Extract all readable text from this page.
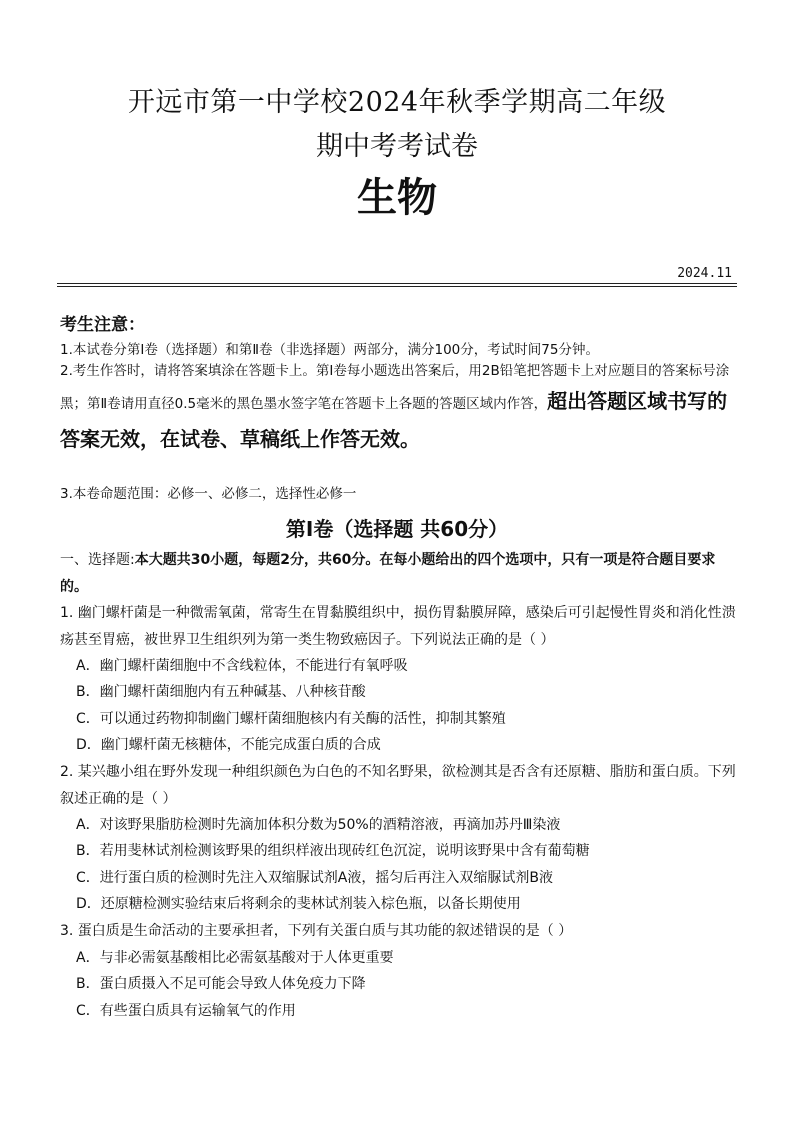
开远市第一中学校2024年秋季学期高二年级
期中考考试卷
生物
2024.11
考生注意：
1.本试卷分第Ⅰ卷（选择题）和第Ⅱ卷（非选择题）两部分，满分100分，考试时间75分钟。
2.考生作答时，请将答案填涂在答题卡上。第Ⅰ卷每小题选出答案后，用2B铅笔把答题卡上对应题目的答案标号涂黑；第Ⅱ卷请用直径0.5毫米的黑色墨水签字笔在答题卡上各题的答题区域内作答，超出答题区域书写的答案无效，在试卷、草稿纸上作答无效。
3.本卷命题范围：必修一、必修二，选择性必修一
第Ⅰ卷（选择题 共60分）
一、选择题:本大题共30小题，每题2分，共60分。在每小题给出的四个选项中，只有一项是符合题目要求的。
1. 幽门螺杆菌是一种微需氧菌，常寄生在胃黏膜组织中，损伤胃黏膜屏障，感染后可引起慢性胃炎和消化性溃疡甚至胃癌，被世界卫生组织列为第一类生物致癌因子。下列说法正确的是（ ）
A．幽门螺杆菌细胞中不含线粒体，不能进行有氧呼吸
B．幽门螺杆菌细胞内有五种碱基、八种核苷酸
C．可以通过药物抑制幽门螺杆菌细胞核内有关酶的活性，抑制其繁殖
D．幽门螺杆菌无核糖体，不能完成蛋白质的合成
2. 某兴趣小组在野外发现一种组织颜色为白色的不知名野果，欲检测其是否含有还原糖、脂肪和蛋白质。下列叙述正确的是（ ）
A．对该野果脂肪检测时先滴加体积分数为50%的酒精溶液，再滴加苏丹Ⅲ染液
B．若用斐林试剂检测该野果的组织样液出现砖红色沉淀，说明该野果中含有葡萄糖
C．进行蛋白质的检测时先注入双缩脲试剂A液，摇匀后再注入双缩脲试剂B液
D．还原糖检测实验结束后将剩余的斐林试剂装入棕色瓶，以备长期使用
3. 蛋白质是生命活动的主要承担者，下列有关蛋白质与其功能的叙述错误的是（ ）
A．与非必需氨基酸相比必需氨基酸对于人体更重要
B．蛋白质摄入不足可能会导致人体免疫力下降
C．有些蛋白质具有运输氧气的作用
